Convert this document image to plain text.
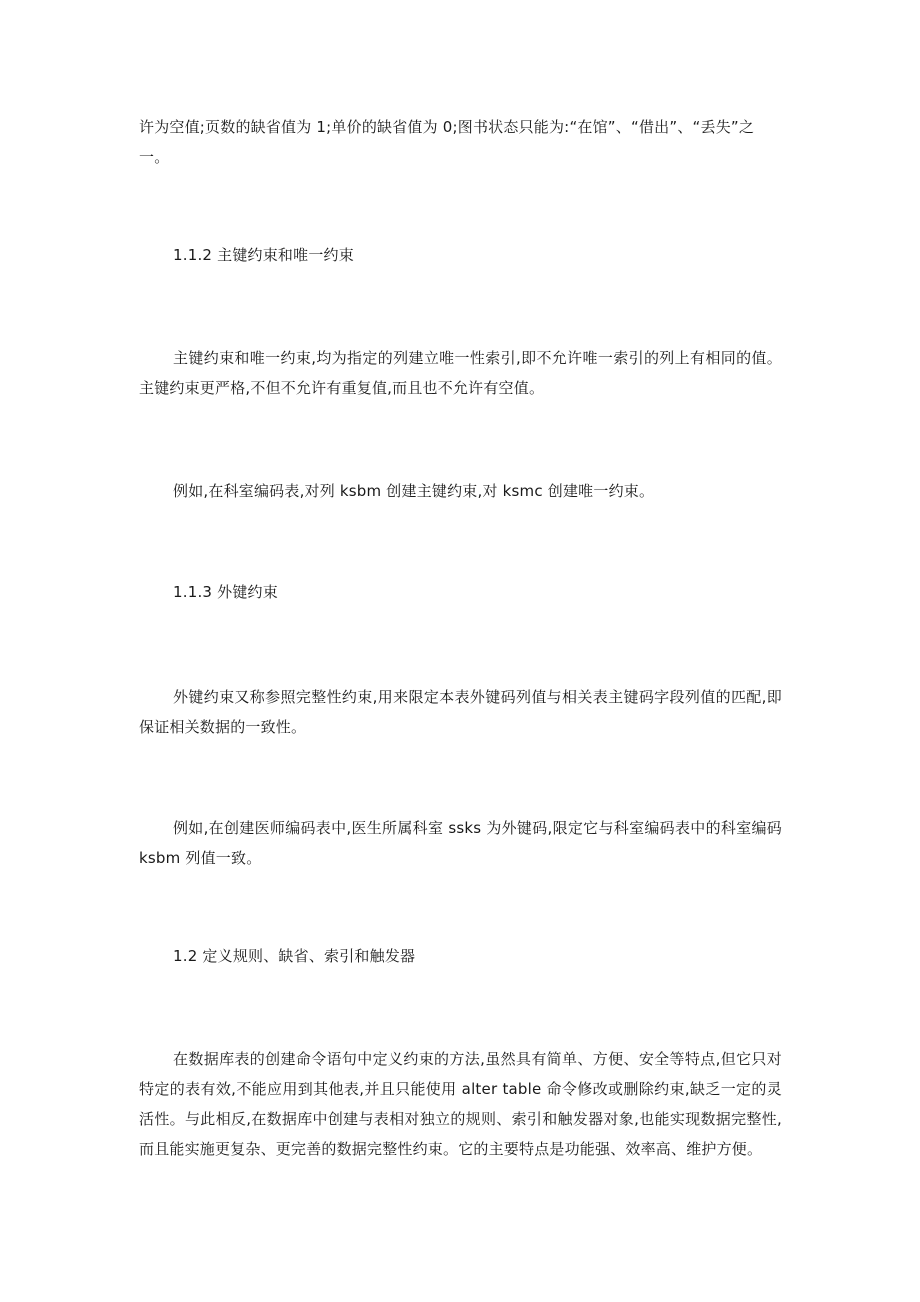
许为空值;页数的缺省值为 1;单价的缺省值为 0;图书状态只能为:“在馆”、“借出”、“丢失”之一。

1.1.2 主键约束和唯一约束

主键约束和唯一约束,均为指定的列建立唯一性索引,即不允许唯一索引的列上有相同的值。主键约束更严格,不但不允许有重复值,而且也不允许有空值。

例如,在科室编码表,对列 ksbm 创建主键约束,对 ksmc 创建唯一约束。

1.1.3 外键约束

外键约束又称参照完整性约束,用来限定本表外键码列值与相关表主键码字段列值的匹配,即保证相关数据的一致性。

例如,在创建医师编码表中,医生所属科室 ssks 为外键码,限定它与科室编码表中的科室编码 ksbm 列值一致。

1.2 定义规则、缺省、索引和触发器

在数据库表的创建命令语句中定义约束的方法,虽然具有简单、方便、安全等特点,但它只对特定的表有效,不能应用到其他表,并且只能使用 alter table 命令修改或删除约束,缺乏一定的灵活性。与此相反,在数据库中创建与表相对独立的规则、索引和触发器对象,也能实现数据完整性,而且能实施更复杂、更完善的数据完整性约束。它的主要特点是功能强、效率高、维护方便。
